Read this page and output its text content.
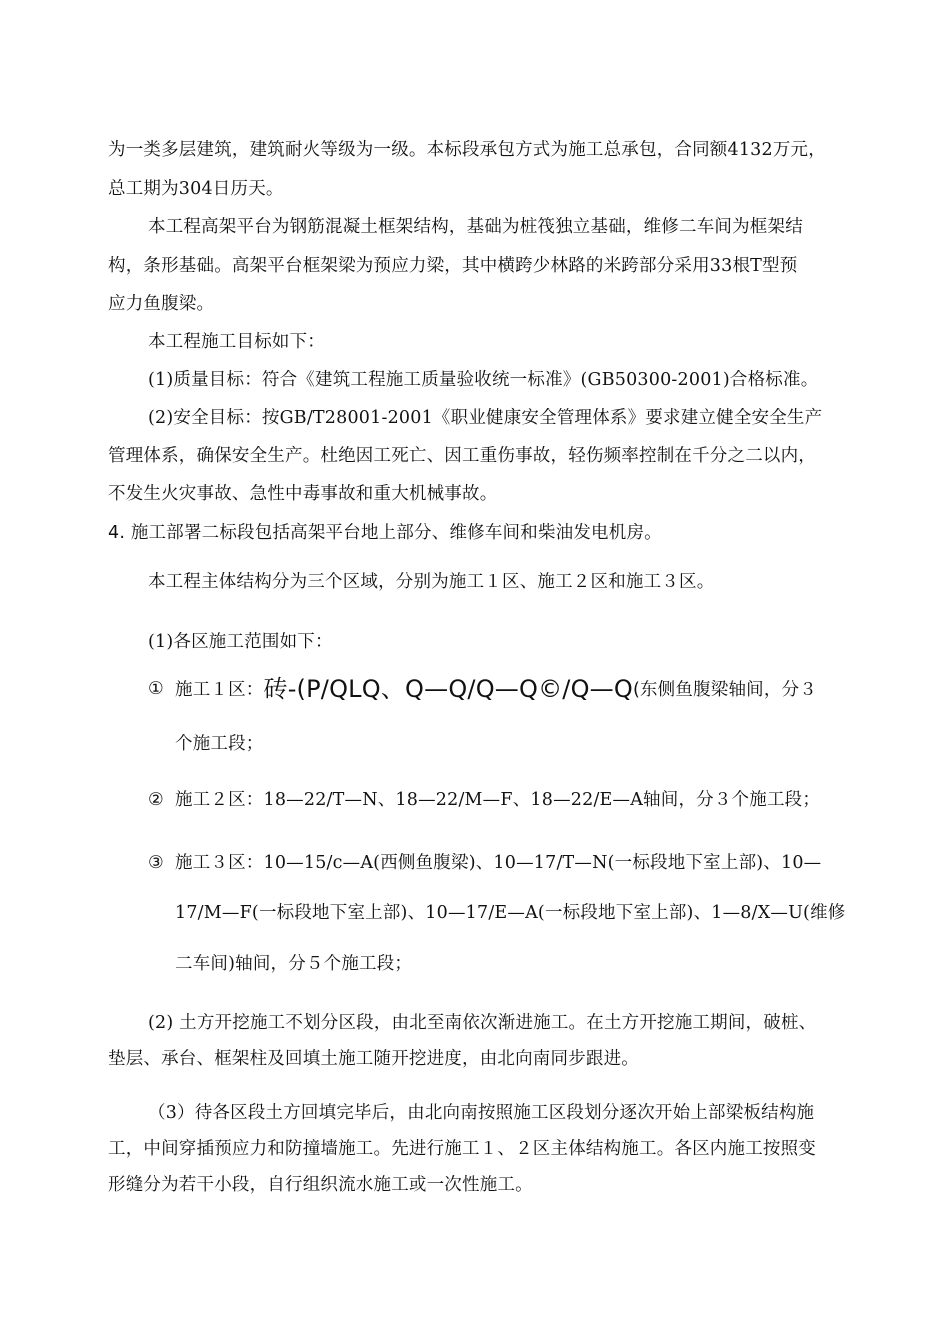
为一类多层建筑，建筑耐火等级为一级。本标段承包方式为施工总承包，合同额4132万元，
总工期为304日历天。
本工程高架平台为钢筋混凝土框架结构，基础为桩筏独立基础，维修二车间为框架结
构，条形基础。高架平台框架梁为预应力梁，其中横跨少林路的米跨部分采用33根T型预
应力鱼腹梁。
本工程施工目标如下：
(1)质量目标：符合《建筑工程施工质量验收统一标准》(GB50300-2001)合格标准。
(2)安全目标：按GB/T28001-2001《职业健康安全管理体系》要求建立健全安全生产
管理体系，确保安全生产。杜绝因工死亡、因工重伤事故，轻伤频率控制在千分之二以内，
不发生火灾事故、急性中毒事故和重大机械事故。
4. 施工部署二标段包括高架平台地上部分、维修车间和柴油发电机房。
本工程主体结构分为三个区域，分别为施工１区、施工２区和施工３区。
(1)各区施工范围如下：
① 施工１区：砖-(P/QLQ、Q—Q/Q—Q©/Q—Q(东侧鱼腹梁轴间，分３
个施工段；
② 施工２区：18—22/T—N、18—22/M—F、18—22/E—A轴间，分３个施工段；
③ 施工３区：10—15/c—A(西侧鱼腹梁)、10—17/T—N(一标段地下室上部)、10—
17/M—F(一标段地下室上部)、10—17/E—A(一标段地下室上部)、1—8/X—U(维修
二车间)轴间，分５个施工段；
(2) 土方开挖施工不划分区段，由北至南依次渐进施工。在土方开挖施工期间，破桩、
垫层、承台、框架柱及回填土施工随开挖进度，由北向南同步跟进。
（3）待各区段土方回填完毕后，由北向南按照施工区段划分逐次开始上部梁板结构施
工，中间穿插预应力和防撞墙施工。先进行施工１、２区主体结构施工。各区内施工按照变
形缝分为若干小段，自行组织流水施工或一次性施工。
